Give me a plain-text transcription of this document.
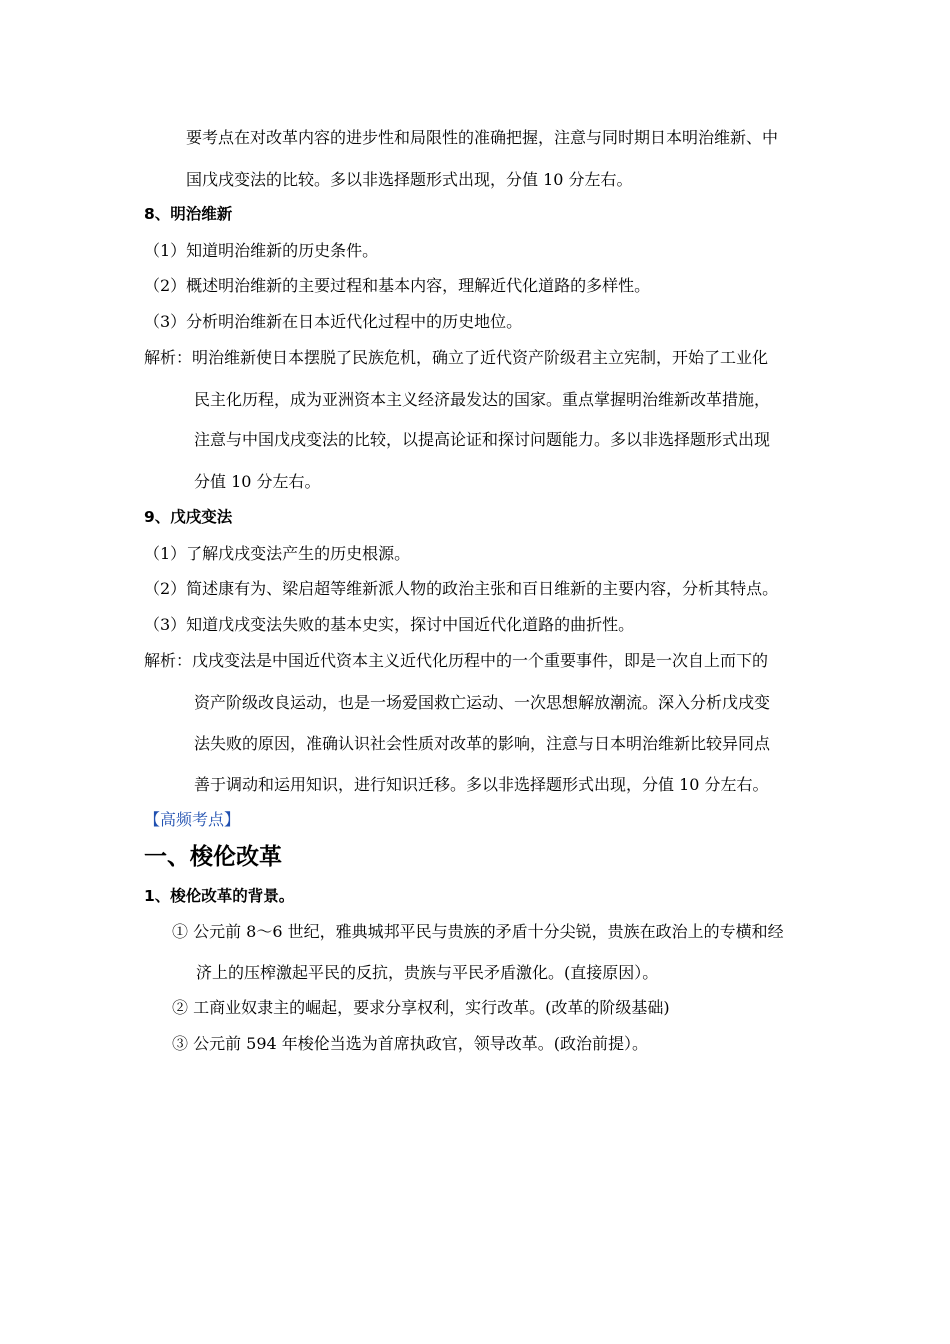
要考点在对改革内容的进步性和局限性的准确把握，注意与同时期日本明治维新、中
国戊戌变法的比较。多以非选择题形式出现，分值 10 分左右。
8、明治维新
（1）知道明治维新的历史条件。
（2）概述明治维新的主要过程和基本内容，理解近代化道路的多样性。
（3）分析明治维新在日本近代化过程中的历史地位。
解析：明治维新使日本摆脱了民族危机，确立了近代资产阶级君主立宪制，开始了工业化
民主化历程，成为亚洲资本主义经济最发达的国家。重点掌握明治维新改革措施，
注意与中国戊戌变法的比较，以提高论证和探讨问题能力。多以非选择题形式出现
分值 10 分左右。
9、戊戌变法
（1）了解戊戌变法产生的历史根源。
（2）简述康有为、梁启超等维新派人物的政治主张和百日维新的主要内容，分析其特点。
（3）知道戊戌变法失败的基本史实，探讨中国近代化道路的曲折性。
解析：戊戌变法是中国近代资本主义近代化历程中的一个重要事件，即是一次自上而下的
资产阶级改良运动，也是一场爱国救亡运动、一次思想解放潮流。深入分析戊戌变
法失败的原因，准确认识社会性质对改革的影响，注意与日本明治维新比较异同点
善于调动和运用知识，进行知识迁移。多以非选择题形式出现，分值 10 分左右。
【高频考点】
一、梭伦改革
1、梭伦改革的背景。
① 公元前 8～6 世纪，雅典城邦平民与贵族的矛盾十分尖锐，贵族在政治上的专横和经
济上的压榨激起平民的反抗，贵族与平民矛盾激化。(直接原因）。
② 工商业奴隶主的崛起，要求分享权利，实行改革。(改革的阶级基础)
③ 公元前 594 年梭伦当选为首席执政官，领导改革。(政治前提）。
